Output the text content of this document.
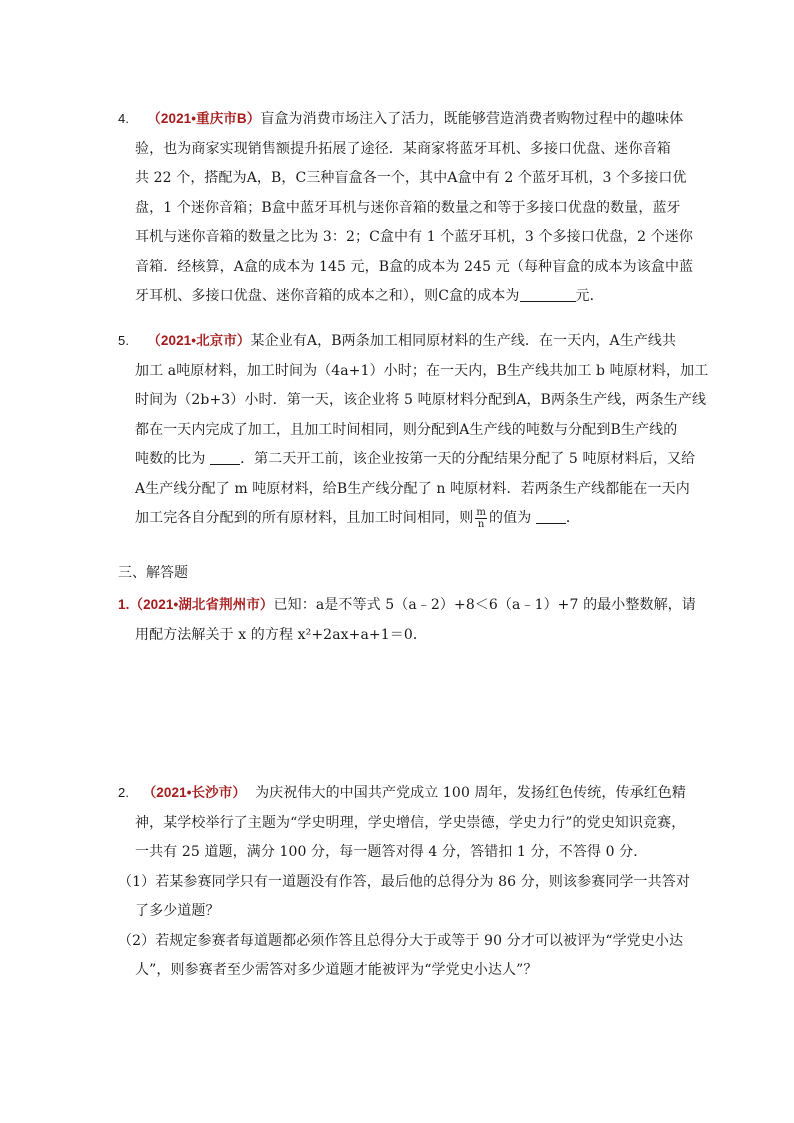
4. （2021•重庆市B）盲盒为消费市场注入了活力，既能够营造消费者购物过程中的趣味体
验，也为商家实现销售额提升拓展了途径．某商家将蓝牙耳机、多接口优盘、迷你音箱
共 22 个，搭配为A，B，C三种盲盒各一个，其中A盒中有 2 个蓝牙耳机，3 个多接口优
盘，1 个迷你音箱；B盒中蓝牙耳机与迷你音箱的数量之和等于多接口优盘的数量，蓝牙
耳机与迷你音箱的数量之比为 3：2；C盒中有 1 个蓝牙耳机，3 个多接口优盘，2 个迷你
音箱．经核算，A盒的成本为 145 元，B盒的成本为 245 元（每种盲盒的成本为该盒中蓝
牙耳机、多接口优盘、迷你音箱的成本之和），则C盒的成本为	元．
5. （2021•北京市）某企业有A，B两条加工相同原材料的生产线．在一天内，A生产线共
加工 a吨原材料，加工时间为（4a+1）小时；在一天内，B生产线共加工 b 吨原材料，加工
时间为（2b+3）小时．第一天，该企业将 5 吨原材料分配到A，B两条生产线，两条生产线
都在一天内完成了加工，且加工时间相同，则分配到A生产线的吨数与分配到B生产线的
吨数的比为 ．第二天开工前，该企业按第一天的分配结果分配了 5 吨原材料后，又给
A生产线分配了 m 吨原材料，给B生产线分配了 n 吨原材料．若两条生产线都能在一天内
加工完各自分配到的所有原材料，且加工时间相同，则 $\frac{m}{n}$ 的值为 ．
三、解答题
1.（2021•湖北省荆州市）已知：a是不等式 5（a﹣2）+8＜6（a﹣1）+7 的最小整数解，请
用配方法解关于 x 的方程 x²+2ax+a+1＝0．
2. （2021•长沙市） 为庆祝伟大的中国共产党成立 100 周年，发扬红色传统，传承红色精
神，某学校举行了主题为“学史明理，学史增信，学史崇德，学史力行”的党史知识竞赛，
一共有 25 道题，满分 100 分，每一题答对得 4 分，答错扣 1 分，不答得 0 分．
（1）若某参赛同学只有一道题没有作答，最后他的总得分为 86 分，则该参赛同学一共答对
了多少道题？
（2）若规定参赛者每道题都必须作答且总得分大于或等于 90 分才可以被评为“学党史小达
人”，则参赛者至少需答对多少道题才能被评为“学党史小达人”？
